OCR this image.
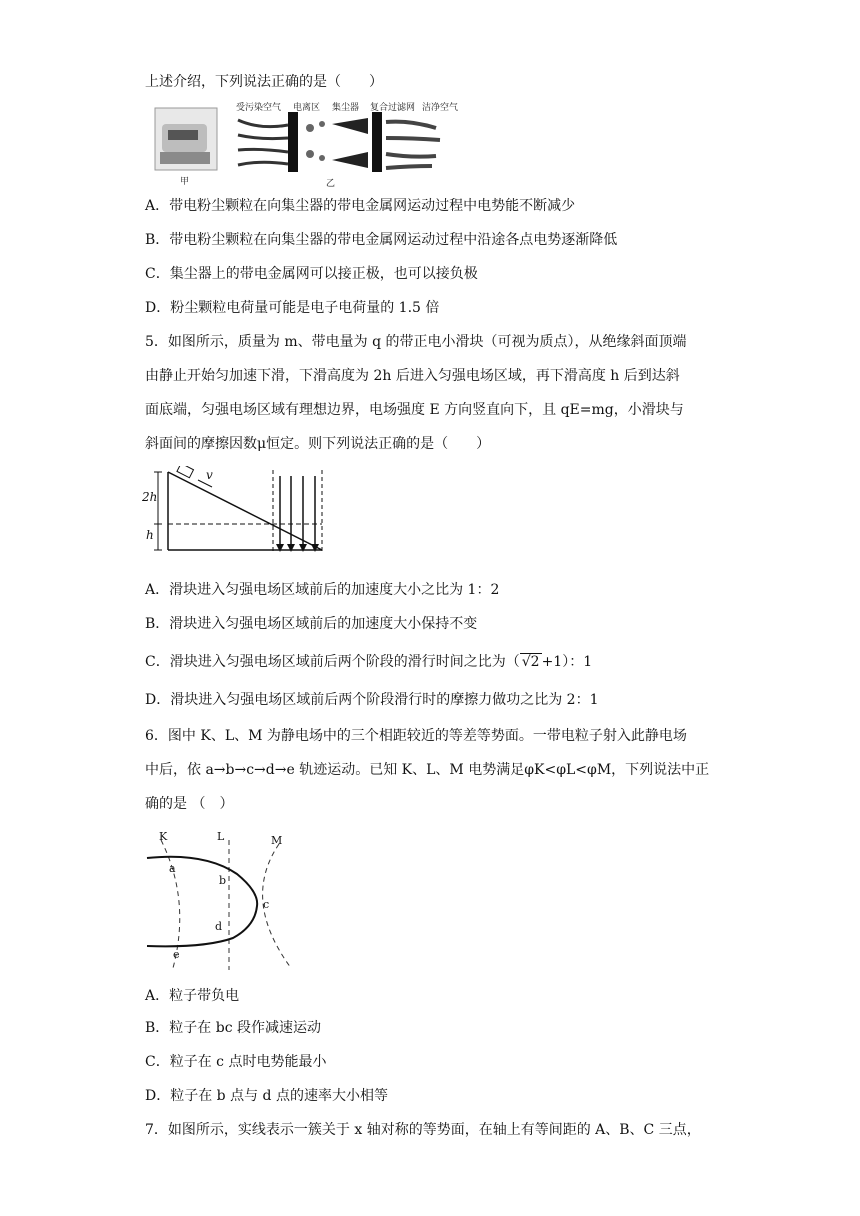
上述介绍，下列说法正确的是（　　）
受污染空气 电离区 集尘器 复合过滤网 洁净空气
甲	乙
A．带电粉尘颗粒在向集尘器的带电金属网运动过程中电势能不断减少
B．带电粉尘颗粒在向集尘器的带电金属网运动过程中沿途各点电势逐渐降低
C．集尘器上的带电金属网可以接正极，也可以接负极
D．粉尘颗粒电荷量可能是电子电荷量的 1.5 倍
5．如图所示，质量为 m、带电量为 q 的带正电小滑块（可视为质点），从绝缘斜面顶端
由静止开始匀加速下滑，下滑高度为 2h 后进入匀强电场区域，再下滑高度 h 后到达斜
面底端，匀强电场区域有理想边界，电场强度 E 方向竖直向下，且 qE=mg，小滑块与
斜面间的摩擦因数μ恒定。则下列说法正确的是（　　）
v
2h
h
A．滑块进入匀强电场区域前后的加速度大小之比为 1：2
B．滑块进入匀强电场区域前后的加速度大小保持不变
C．滑块进入匀强电场区域前后两个阶段的滑行时间之比为（ √2 +1）：1
D．滑块进入匀强电场区域前后两个阶段滑行时的摩擦力做功之比为 2：1
6．图中 K、L、M 为静电场中的三个相距较近的等差等势面。一带电粒子射入此静电场
中后，依 a→b→c→d→e 轨迹运动。已知 K、L、M 电势满足φK<φL<φM，下列说法中正
确的是 （　）
K	L	M
a
b
c
d
e
A．粒子带负电
B．粒子在 bc 段作减速运动
C．粒子在 c 点时电势能最小
D．粒子在 b 点与 d 点的速率大小相等
7．如图所示，实线表示一簇关于 x 轴对称的等势面，在轴上有等间距的 A、B、C 三点，
